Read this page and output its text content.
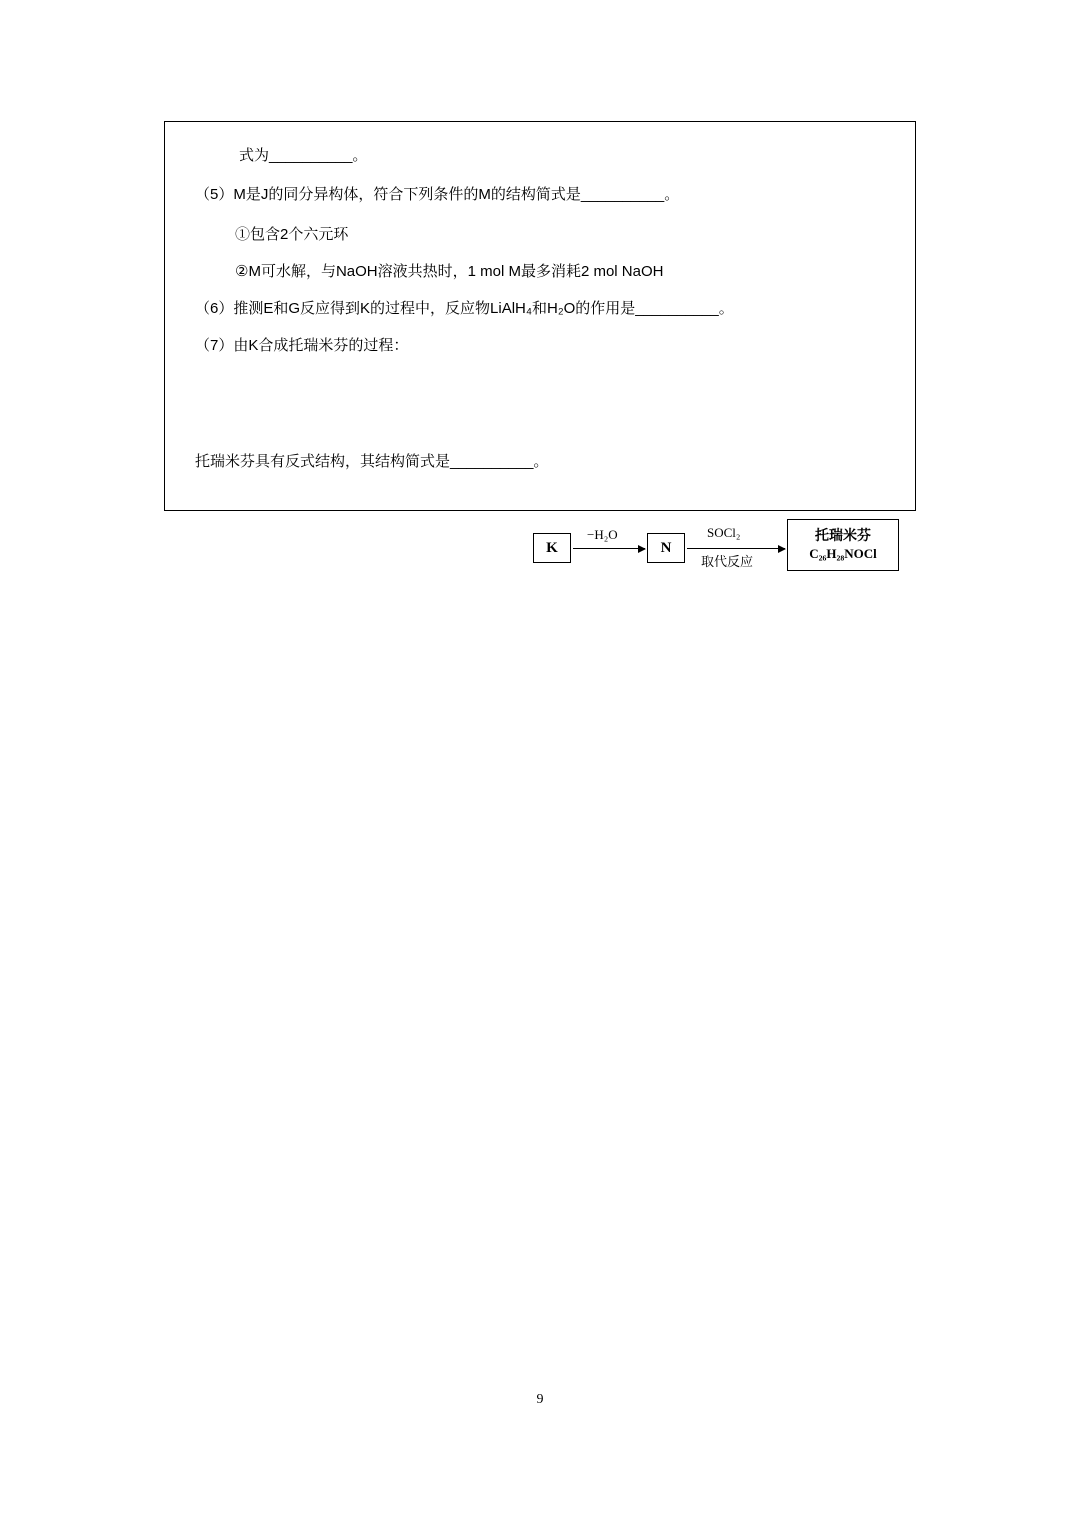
式为__________。

（5）M是J的同分异构体，符合下列条件的M的结构简式是__________。

①包含2个六元环

②M可水解，与NaOH溶液共热时，1 mol M最多消耗2 mol NaOH

（6）推测E和G反应得到K的过程中，反应物LiAlH₄和H₂O的作用是__________。

（7）由K合成托瑞米芬的过程：

K
−H₂O
N
SOCl₂
取代反应
托瑞米芬
C₂₆H₂₈NOCl

托瑞米芬具有反式结构，其结构简式是__________。

9
